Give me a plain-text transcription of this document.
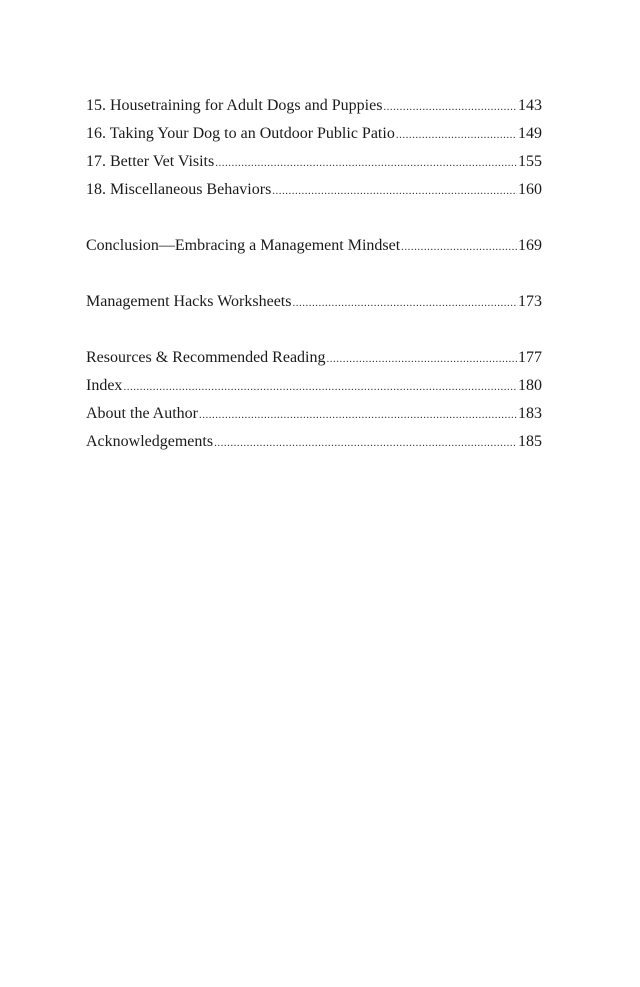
15. Housetraining for Adult Dogs and Puppies .....	143
16. Taking Your Dog to an Outdoor Public Patio .....	149
17. Better Vet Visits .....	155
18. Miscellaneous Behaviors .....	160
Conclusion—Embracing a Management Mindset .....	169
Management Hacks Worksheets .....	173
Resources & Recommended Reading .....	177
Index .....	180
About the Author .....	183
Acknowledgements .....	185
